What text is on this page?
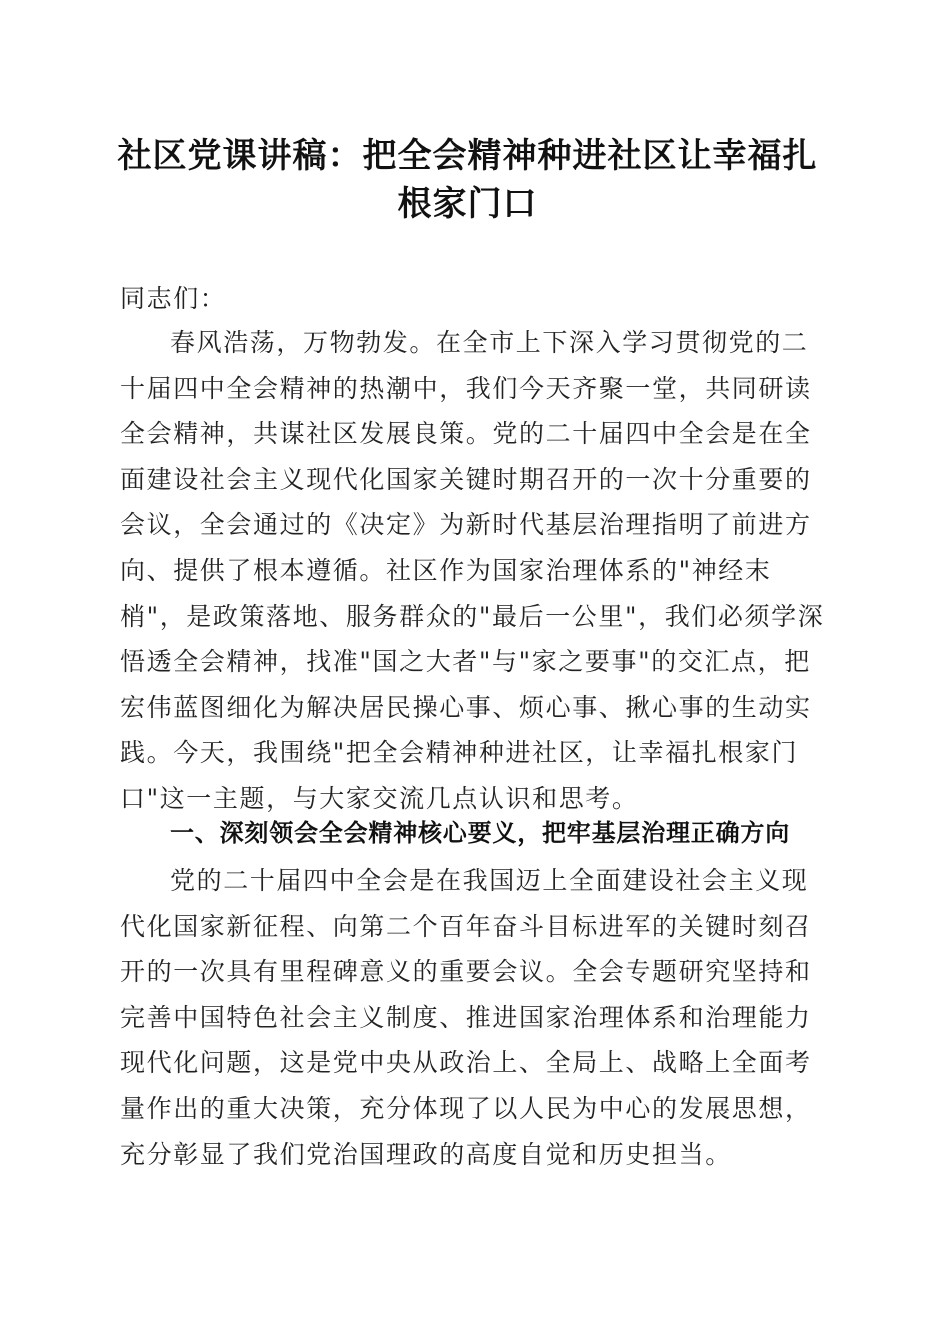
社区党课讲稿：把全会精神种进社区让幸福扎
根家门口
同志们：

春风浩荡，万物勃发。在全市上下深入学习贯彻党的二十届四中全会精神的热潮中，我们今天齐聚一堂，共同研读全会精神，共谋社区发展良策。党的二十届四中全会是在全面建设社会主义现代化国家关键时期召开的一次十分重要的会议，全会通过的《决定》为新时代基层治理指明了前进方向、提供了根本遵循。社区作为国家治理体系的"神经末梢"，是政策落地、服务群众的"最后一公里"，我们必须学深悟透全会精神，找准"国之大者"与"家之要事"的交汇点，把宏伟蓝图细化为解决居民操心事、烦心事、揪心事的生动实践。今天，我围绕"把全会精神种进社区，让幸福扎根家门口"这一主题，与大家交流几点认识和思考。

一、深刻领会全会精神核心要义，把牢基层治理正确方向

党的二十届四中全会是在我国迈上全面建设社会主义现代化国家新征程、向第二个百年奋斗目标进军的关键时刻召开的一次具有里程碑意义的重要会议。全会专题研究坚持和完善中国特色社会主义制度、推进国家治理体系和治理能力现代化问题，这是党中央从政治上、全局上、战略上全面考量作出的重大决策，充分体现了以人民为中心的发展思想，充分彰显了我们党治国理政的高度自觉和历史担当。
